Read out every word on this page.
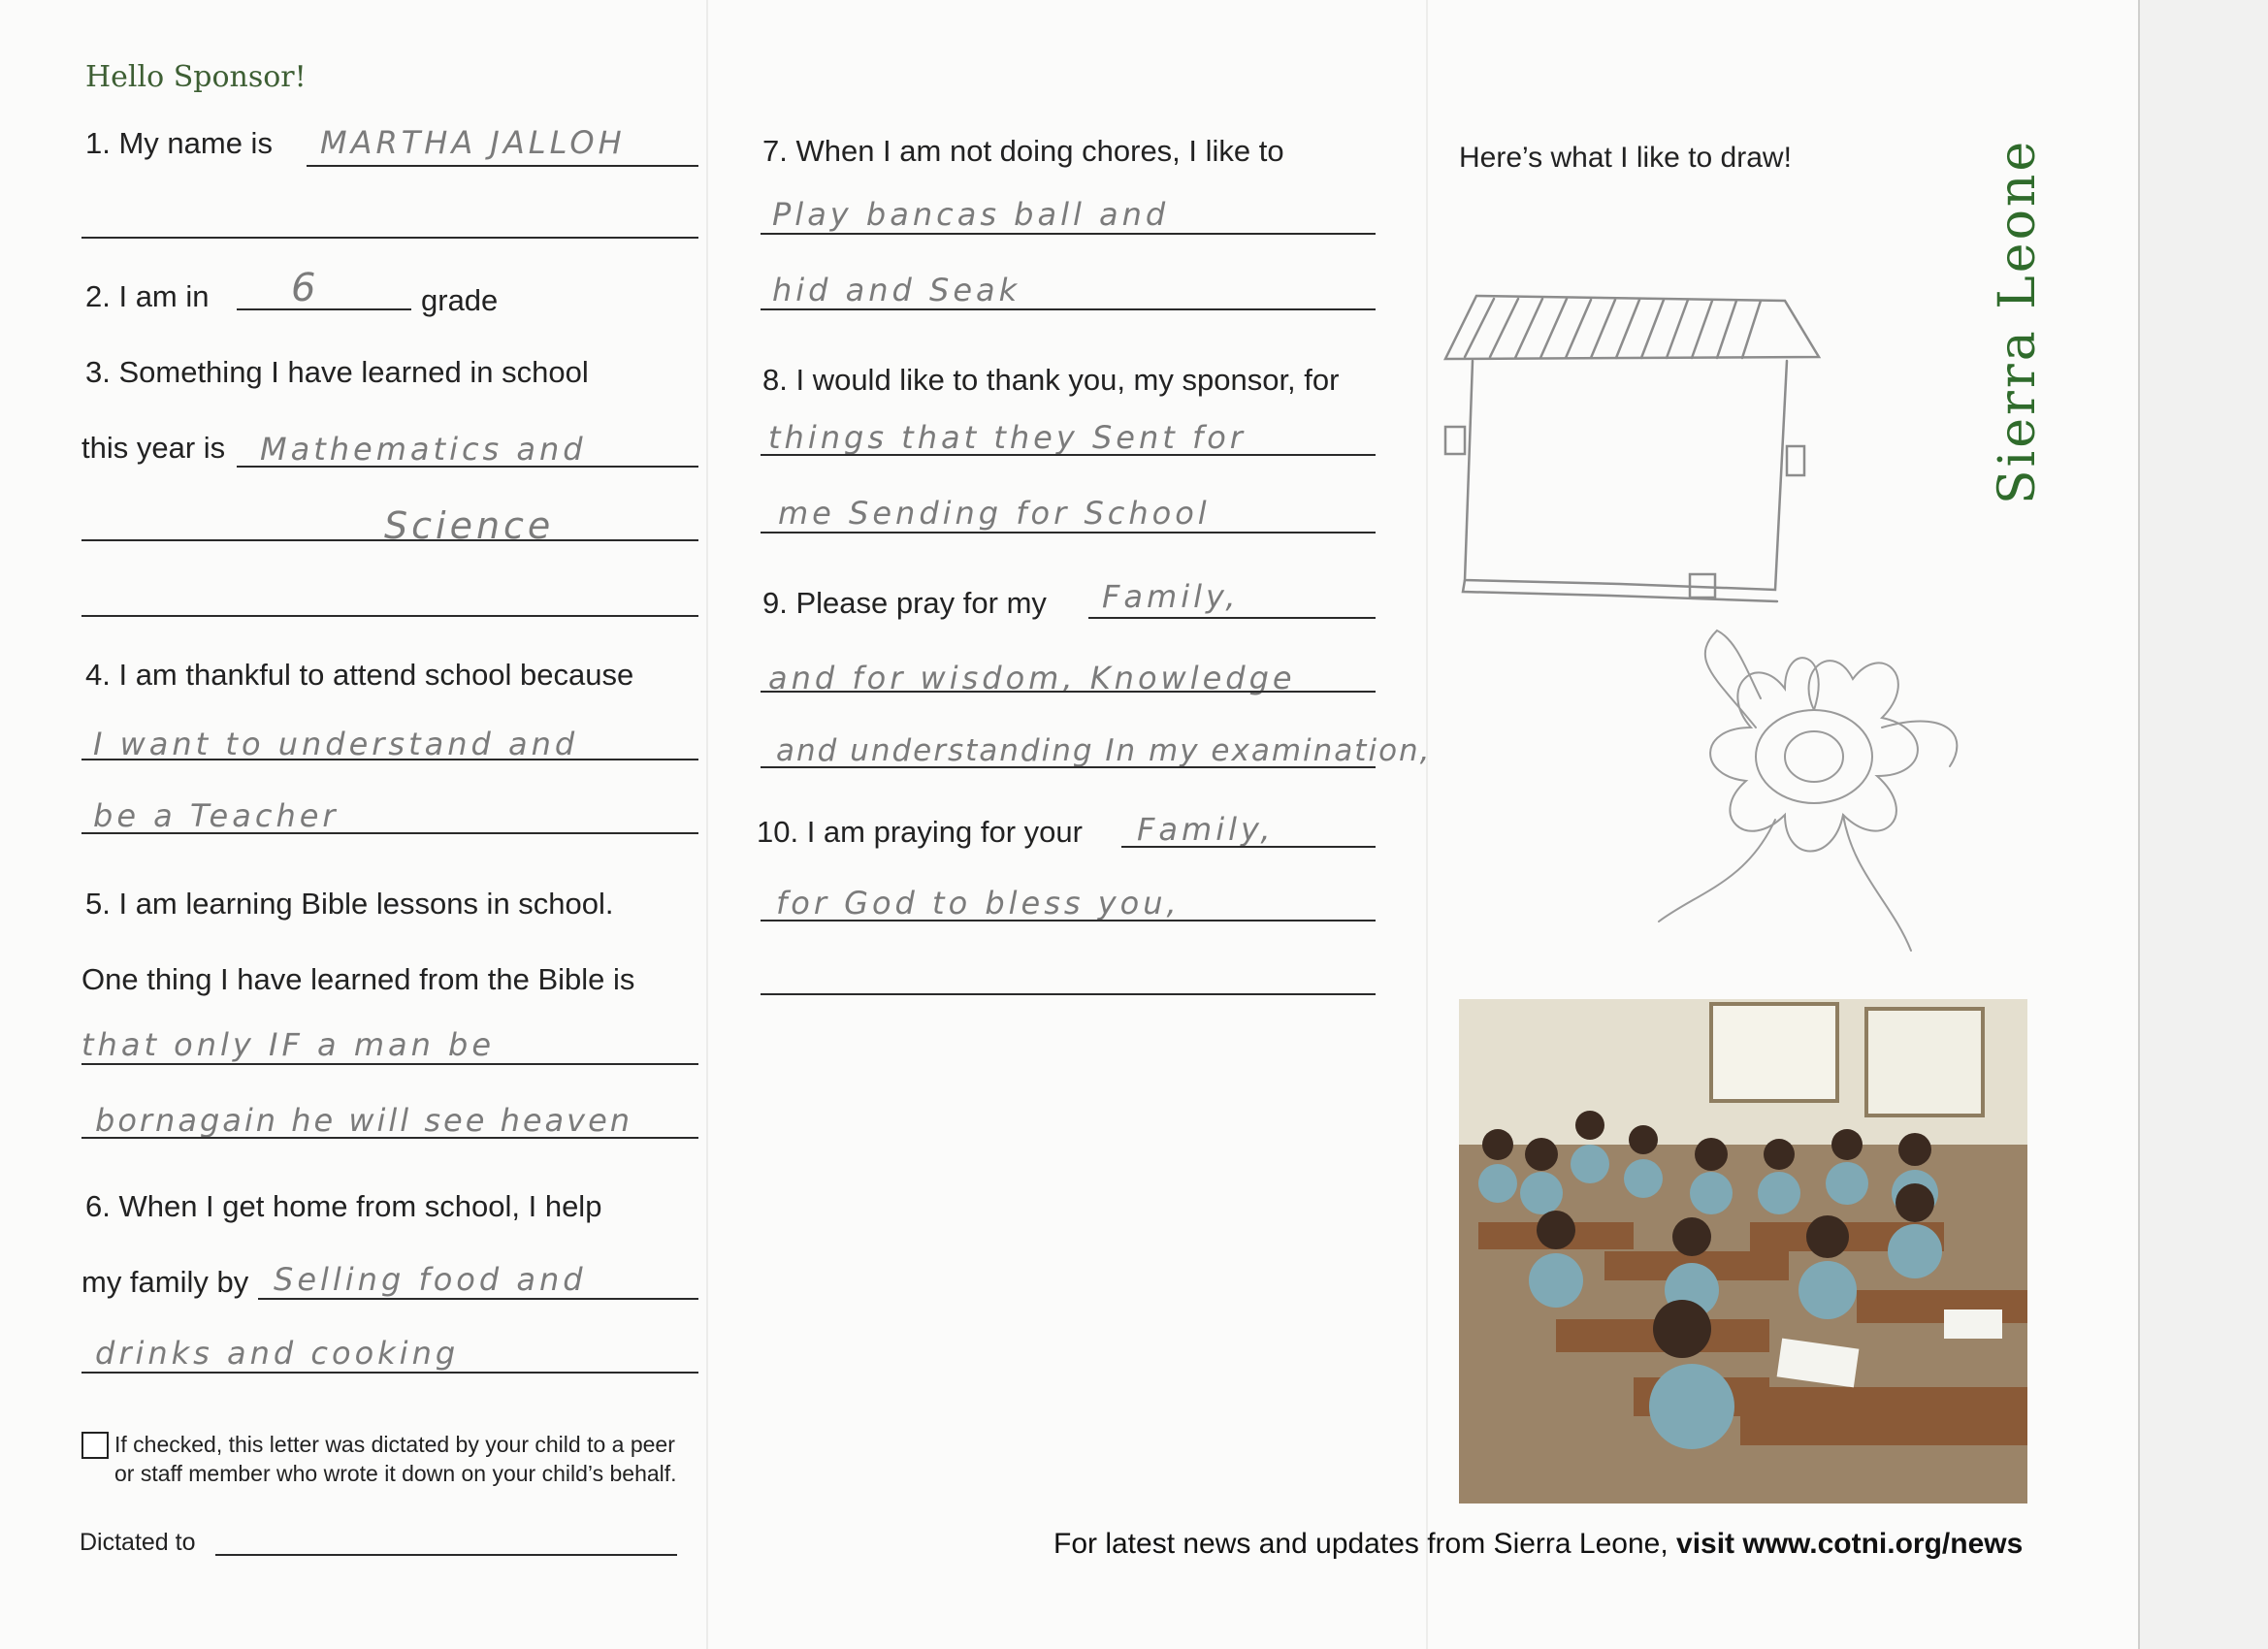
Hello Sponsor!
1. My name is MARTHA JALLOH
2. I am in 6	grade
3. Something I have learned in school
this year is Mathematics and
Science
4. I am thankful to attend school because
I want to understand and
be a Teacher
5. I am learning Bible lessons in school.
One thing I have learned from the Bible is
that only IF a man be
bornagain he will see heaven
6. When I get home from school, I help
my family by Selling food and
drinks and cooking
If checked, this letter was dictated by your child to a peer
or staff member who wrote it down on your child’s behalf.
Dictated to
7. When I am not doing chores, I like to
Play bancas ball and
hid and Seak
8. I would like to thank you, my sponsor, for
things that they Sent for
me Sending for School
9. Please pray for my Family,
and for wisdom, Knowledge
and understanding In my examination,
10. I am praying for your Family,
for God to bless you,
Here’s what I like to draw!	Sierra Leone
For latest news and updates from Sierra Leone, visit www.cotni.org/news
